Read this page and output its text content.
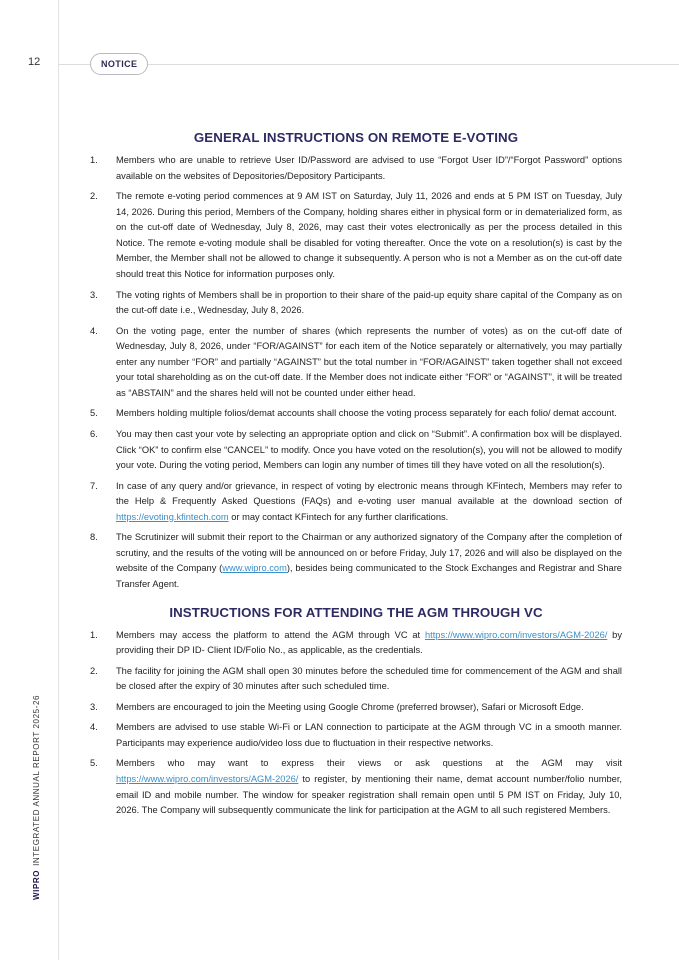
12	NOTICE
WIPROINTEGRATED ANNUAL REPORT 2025-26
GENERAL INSTRUCTIONS ON REMOTE E-VOTING
1.	Members who are unable to retrieve User ID/Password are advised to use “Forgot User ID”/“Forgot Password” options available on the websites of Depositories/Depository Participants.
2.	The remote e-voting period commences at 9 AM IST on Saturday, July 11, 2026 and ends at 5 PM IST on Tuesday, July 14, 2026. During this period, Members of the Company, holding shares either in physical form or in dematerialized form, as on the cut-off date of Wednesday, July 8, 2026, may cast their votes electronically as per the process detailed in this Notice. The remote e-voting module shall be disabled for voting thereafter. Once the vote on a resolution(s) is cast by the Member, the Member shall not be allowed to change it subsequently. A person who is not a Member as on the cut-off date should treat this Notice for information purposes only.
3.	The voting rights of Members shall be in proportion to their share of the paid-up equity share capital of the Company as on the cut-off date i.e., Wednesday, July 8, 2026.
4.	On the voting page, enter the number of shares (which represents the number of votes) as on the cut-off date of Wednesday, July 8, 2026, under “FOR/AGAINST” for each item of the Notice separately or alternatively, you may partially enter any number “FOR” and partially “AGAINST” but the total number in “FOR/AGAINST” taken together shall not exceed your total shareholding as on the cut-off date. If the Member does not indicate either “FOR” or “AGAINST”, it will be treated as “ABSTAIN” and the shares held will not be counted under either head.
5.	Members holding multiple folios/demat accounts shall choose the voting process separately for each folio/ demat account.
6.	You may then cast your vote by selecting an appropriate option and click on “Submit”. A confirmation box will be displayed. Click “OK” to confirm else “CANCEL” to modify. Once you have voted on the resolution(s), you will not be allowed to modify your vote. During the voting period, Members can login any number of times till they have voted on all the resolution(s).
7.	In case of any query and/or grievance, in respect of voting by electronic means through KFintech, Members may refer to the Help & Frequently Asked Questions (FAQs) and e-voting user manual available at the download section of https://evoting.kfintech.com or may contact KFintech for any further clarifications.
8.	The Scrutinizer will submit their report to the Chairman or any authorized signatory of the Company after the completion of scrutiny, and the results of the voting will be announced on or before Friday, July 17, 2026 and will also be displayed on the website of the Company (www.wipro.com), besides being communicated to the Stock Exchanges and Registrar and Share Transfer Agent.
INSTRUCTIONS FOR ATTENDING THE AGM THROUGH VC
1.	Members may access the platform to attend the AGM through VC at https://www.wipro.com/investors/AGM-2026/ by providing their DP ID- Client ID/Folio No., as applicable, as the credentials.
2.	The facility for joining the AGM shall open 30 minutes before the scheduled time for commencement of the AGM and shall be closed after the expiry of 30 minutes after such scheduled time.
3.	Members are encouraged to join the Meeting using Google Chrome (preferred browser), Safari or Microsoft Edge.
4.	Members are advised to use stable Wi-Fi or LAN connection to participate at the AGM through VC in a smooth manner. Participants may experience audio/video loss due to fluctuation in their respective networks.
5.	Members who may want to express their views or ask questions at the AGM may visit https://www.wipro.com/investors/AGM-2026/ to register, by mentioning their name, demat account number/folio number, email ID and mobile number. The window for speaker registration shall remain open until 5 PM IST on Friday, July 10, 2026. The Company will subsequently communicate the link for participation at the AGM to all such registered Members.
